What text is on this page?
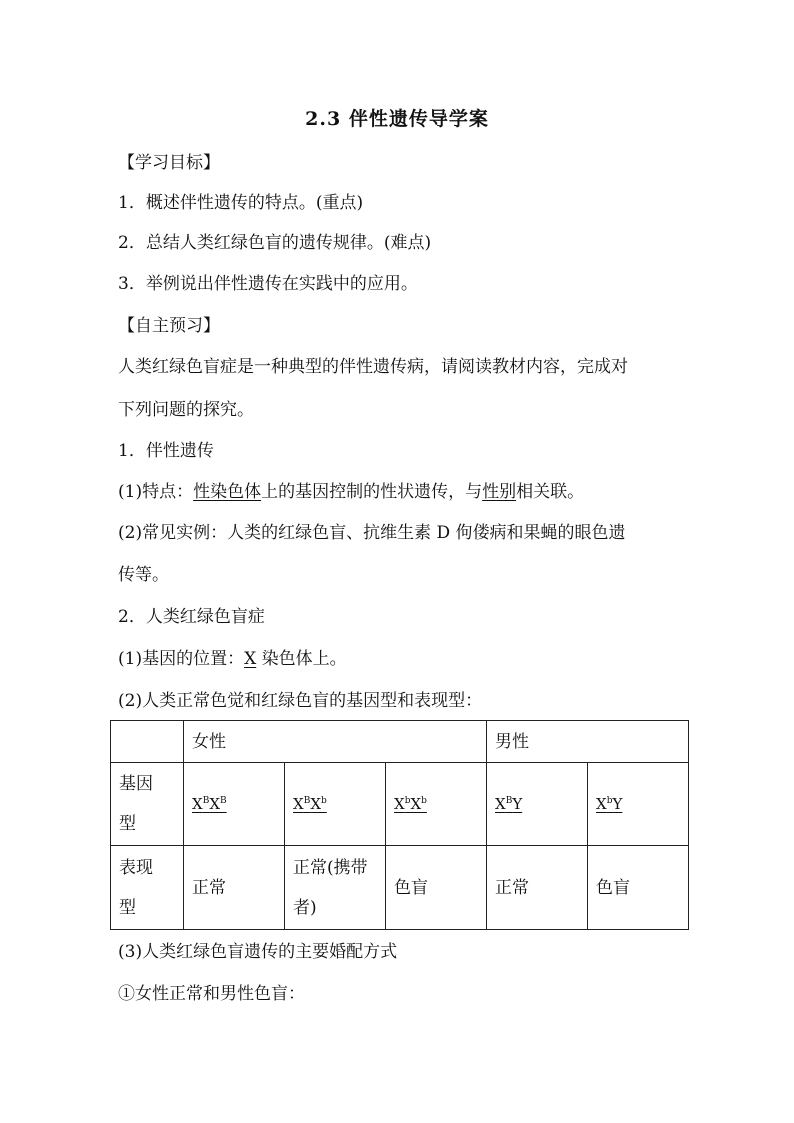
2.3 伴性遗传导学案
【学习目标】
1．概述伴性遗传的特点。(重点)
2．总结人类红绿色盲的遗传规律。(难点)
3．举例说出伴性遗传在实践中的应用。
【自主预习】
人类红绿色盲症是一种典型的伴性遗传病，请阅读教材内容，完成对
下列问题的探究。
1．伴性遗传
(1)特点：性染色体上的基因控制的性状遗传，与性别相关联。
(2)常见实例：人类的红绿色盲、抗维生素 D 佝偻病和果蝇的眼色遗
传等。
2．人类红绿色盲症
(1)基因的位置：X 染色体上。
(2)人类正常色觉和红绿色盲的基因型和表现型：
	女性			男性	

基因型	$X^BX^B$	$X^BX^b$	$X^bX^b$	$X^BY$	$X^bY$

表现型	正常	正常(携带者)	色盲	正常	色盲
(3)人类红绿色盲遗传的主要婚配方式
①女性正常和男性色盲：
